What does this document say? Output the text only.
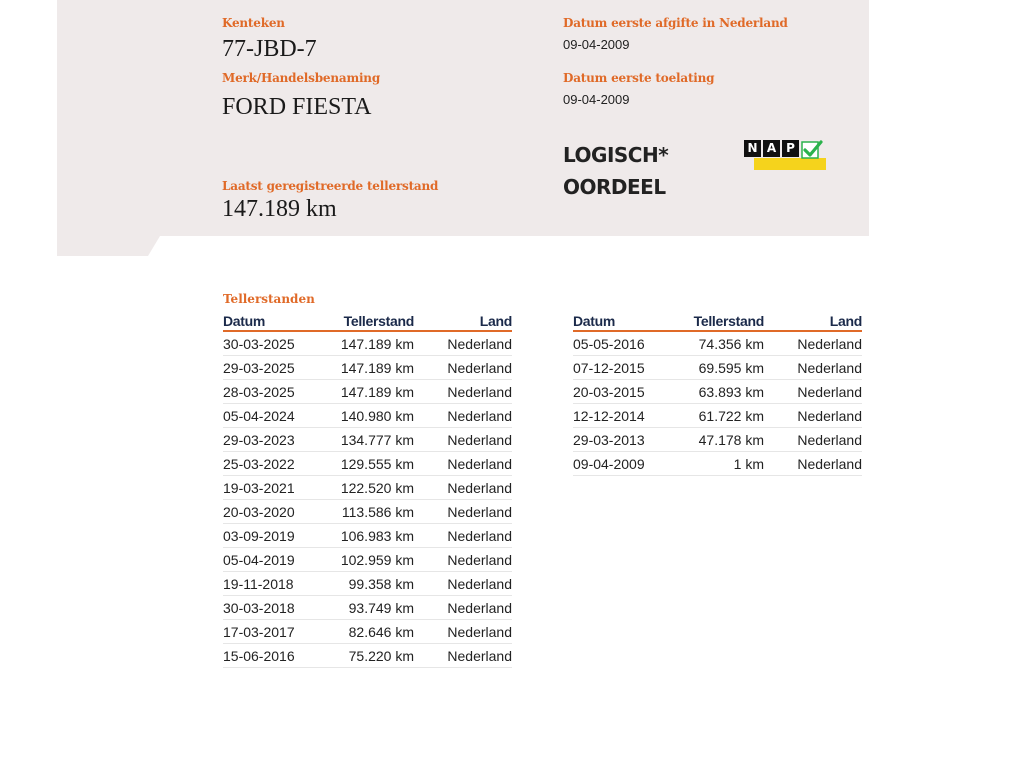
Kenteken

77-JBD-7

Merk/Handelsbenaming

FORD FIESTA

Laatst geregistreerde tellerstand

147.189 km

Datum eerste afgifte in Nederland

09-04-2009

Datum eerste toelating

09-04-2009

LOGISCH*

OORDEEL

N A P

Tellerstanden

Datum	Tellerstand	Land
30-03-2025	147.189 km	Nederland
29-03-2025	147.189 km	Nederland
28-03-2025	147.189 km	Nederland
05-04-2024	140.980 km	Nederland
29-03-2023	134.777 km	Nederland
25-03-2022	129.555 km	Nederland
19-03-2021	122.520 km	Nederland
20-03-2020	113.586 km	Nederland
03-09-2019	106.983 km	Nederland
05-04-2019	102.959 km	Nederland
19-11-2018	99.358 km	Nederland
30-03-2018	93.749 km	Nederland
17-03-2017	82.646 km	Nederland
15-06-2016	75.220 km	Nederland
Datum	Tellerstand	Land
05-05-2016	74.356 km	Nederland
07-12-2015	69.595 km	Nederland
20-03-2015	63.893 km	Nederland
12-12-2014	61.722 km	Nederland
29-03-2013	47.178 km	Nederland
09-04-2009	1 km	Nederland
